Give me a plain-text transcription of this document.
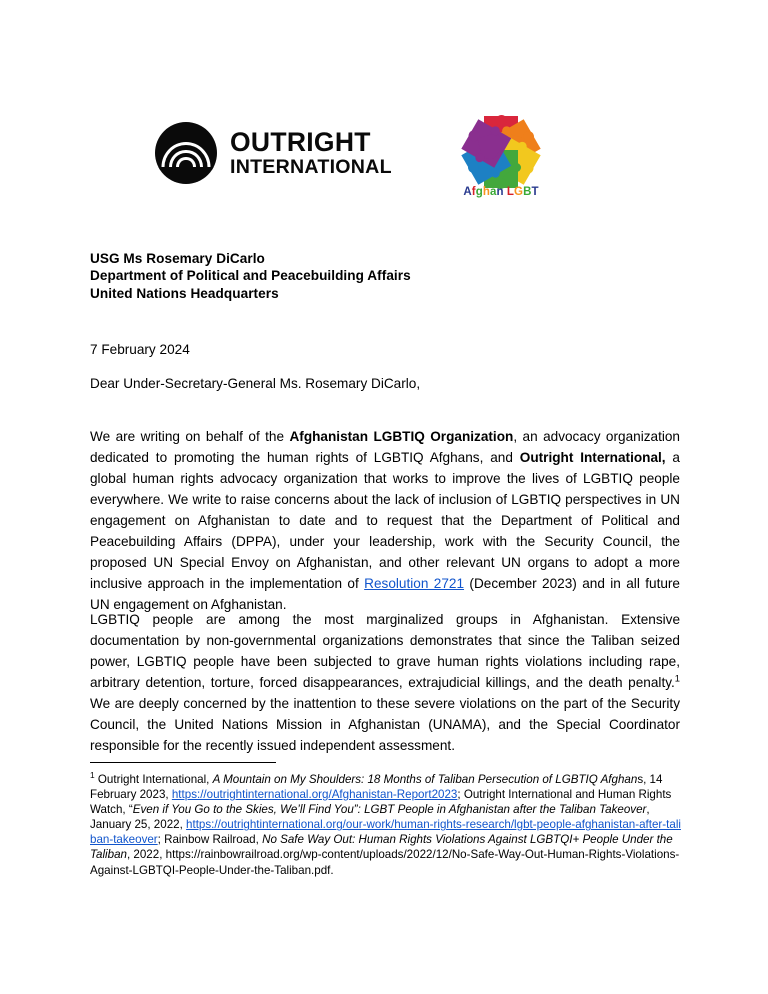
OUTRIGHT
INTERNATIONAL
Afghan LGBT
USG Ms Rosemary DiCarlo
Department of Political and Peacebuilding Affairs
United Nations Headquarters
7 February 2024
Dear Under-Secretary-General Ms. Rosemary DiCarlo,

We are writing on behalf of the Afghanistan LGBTIQ Organization, an advocacy organization dedicated to promoting the human rights of LGBTIQ Afghans, and Outright International, a global human rights advocacy organization that works to improve the lives of LGBTIQ people everywhere. We write to raise concerns about the lack of inclusion of LGBTIQ perspectives in UN engagement on Afghanistan to date and to request that the Department of Political and Peacebuilding Affairs (DPPA), under your leadership, work with the Security Council, the proposed UN Special Envoy on Afghanistan, and other relevant UN organs to adopt a more inclusive approach in the implementation of Resolution 2721 (December 2023) and in all future UN engagement on Afghanistan.

LGBTIQ people are among the most marginalized groups in Afghanistan. Extensive documentation by non-governmental organizations demonstrates that since the Taliban seized power, LGBTIQ people have been subjected to grave human rights violations including rape, arbitrary detention, torture, forced disappearances, extrajudicial killings, and the death penalty.$^1$ We are deeply concerned by the inattention to these severe violations on the part of the Security Council, the United Nations Mission in Afghanistan (UNAMA), and the Special Coordinator responsible for the recently issued independent assessment.

$^1$ Outright International, A Mountain on My Shoulders: 18 Months of Taliban Persecution of LGBTIQ Afghans, 14 February 2023, https://outrightinternational.org/Afghanistan-Report2023; Outright International and Human Rights Watch, “Even if You Go to the Skies, We’ll Find You”: LGBT People in Afghanistan after the Taliban Takeover, January 25, 2022, https://outrightinternational.org/our-work/human-rights-research/lgbt-people-afghanistan-after-taliban-takeover; Rainbow Railroad, No Safe Way Out: Human Rights Violations Against LGBTQI+ People Under the Taliban, 2022, https://rainbowrailroad.org/wp-content/uploads/2022/12/No-Safe-Way-Out-Human-Rights-Violations-Against-LGBTQI-People-Under-the-Taliban.pdf.
